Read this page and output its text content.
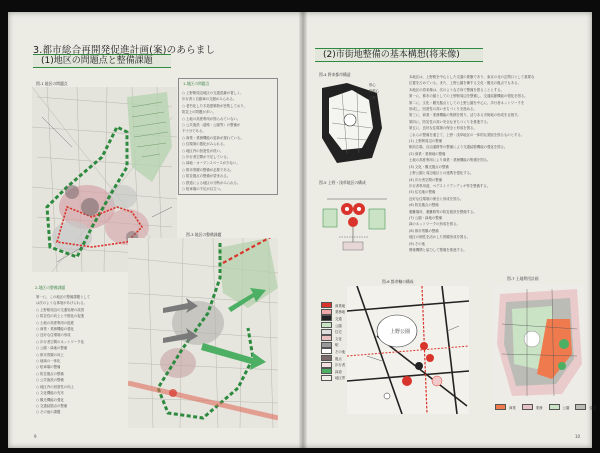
3.都市総合再開発促進計画(案)のあらまし
(1)地区の問題点と整備課題
図-1 地区の問題点	1.地区の問題点

○ 上野駅周辺地区の交通混雑が著しく、

歩行者と自動車の交錯がみられる。

○ 老朽化した木造建築物が密集しており、

防災上の問題が多い。

○ 土地の高度利用が図られていない。

○ 公共施設（道路・公園等）の整備が

不十分である。

○ 商業・業務機能の更新が遅れている。

○ 住環境の悪化がみられる。

○ 地区内の回遊性が低い。

○ 歩行者空間が不足している。

○ 緑地・オープンスペースが少ない。

○ 都市景観の整備が必要である。

○ 防災拠点の整備が望まれる。

○ 鉄道による地区の分断がみられる。

○ 駐車場の不足が目立つ。

図-3 地区の整備課題
2.地区の整備課題

第一に、この地区の整備課題として

は次のような事項があげられる。

○ 上野駅周辺の交通処理の改善

○ 防災性の向上と不燃化の促進

○ 土地の高度利用の促進

○ 商業・業務機能の強化

○ 良好な住環境の形成

○ 歩行者空間のネットワーク化

○ 公園・緑地の整備

○ 都市景観の向上

○ 地域の一体化

○ 駐車場の整備

○ 防災拠点の整備

○ 公共施設の整備

○ 地区内の回遊性の向上

○ 文化機能の充実

○ 観光機能の強化

○ 交通結節点の整備

○ その他の課題

9
(2)市街地整備の基本構想(将来像)
図-4 将来都市構造

都心

副都心

上野

本地区は、上野駅を中心とした交通の要衝であり、東京の北の玄関口として重要な

位置を占めている。また、上野公園を擁する文化・観光の拠点でもある。

本地区の将来像は、次のような方向で整備を図ることとする。

第一に、都市の顔としての上野駅周辺を整備し、交通結節機能の強化を図る。

第二に、文化・観光拠点としての上野公園を中心に、歩行者ネットワークを

形成し、回遊性の高いまちづくりを進める。

第三に、商業・業務機能の集積を図り、活力ある市街地の形成を目指す。

第四に、防災性の高い安全なまちづくりを推進する。

第五に、良好な住環境の保全と形成を図る。

これらの整備を通じて、上野・浅草地区の一体的な発展を図るものとする。

(1) 上野駅周辺の整備

駅前広場、自由通路等の整備により交通結節機能の強化を図る。

(2) 商業・業務地の整備

土地の高度利用により商業・業務機能の集積を図る。

(3) 文化・観光拠点の整備

上野公園と周辺地区との連携を強化する。

(4) 歩行者空間の整備

歩行者専用道、ペデストリアンデッキ等を整備する。

(5) 住宅地の整備

良好な住環境の保全と形成を図る。

(6) 防災拠点の整備

避難場所、避難路等の防災施設を整備する。

(7) 公園・緑地の整備

緑のネットワークの形成を図る。

(8) 都市景観の整備

地区の個性を活かした景観形成を図る。

(9) その他

関係機関と協力して整備を推進する。

図-5 上野・浅草地区の構成
図-6 都市軸の構成
上野公園
商業地
業務地
交通
公園
住宅
文化
駅
その他
拠点
歩行者
緑道
地区界
図-7 土地利用計画
商業	業務	公園	住宅
10
